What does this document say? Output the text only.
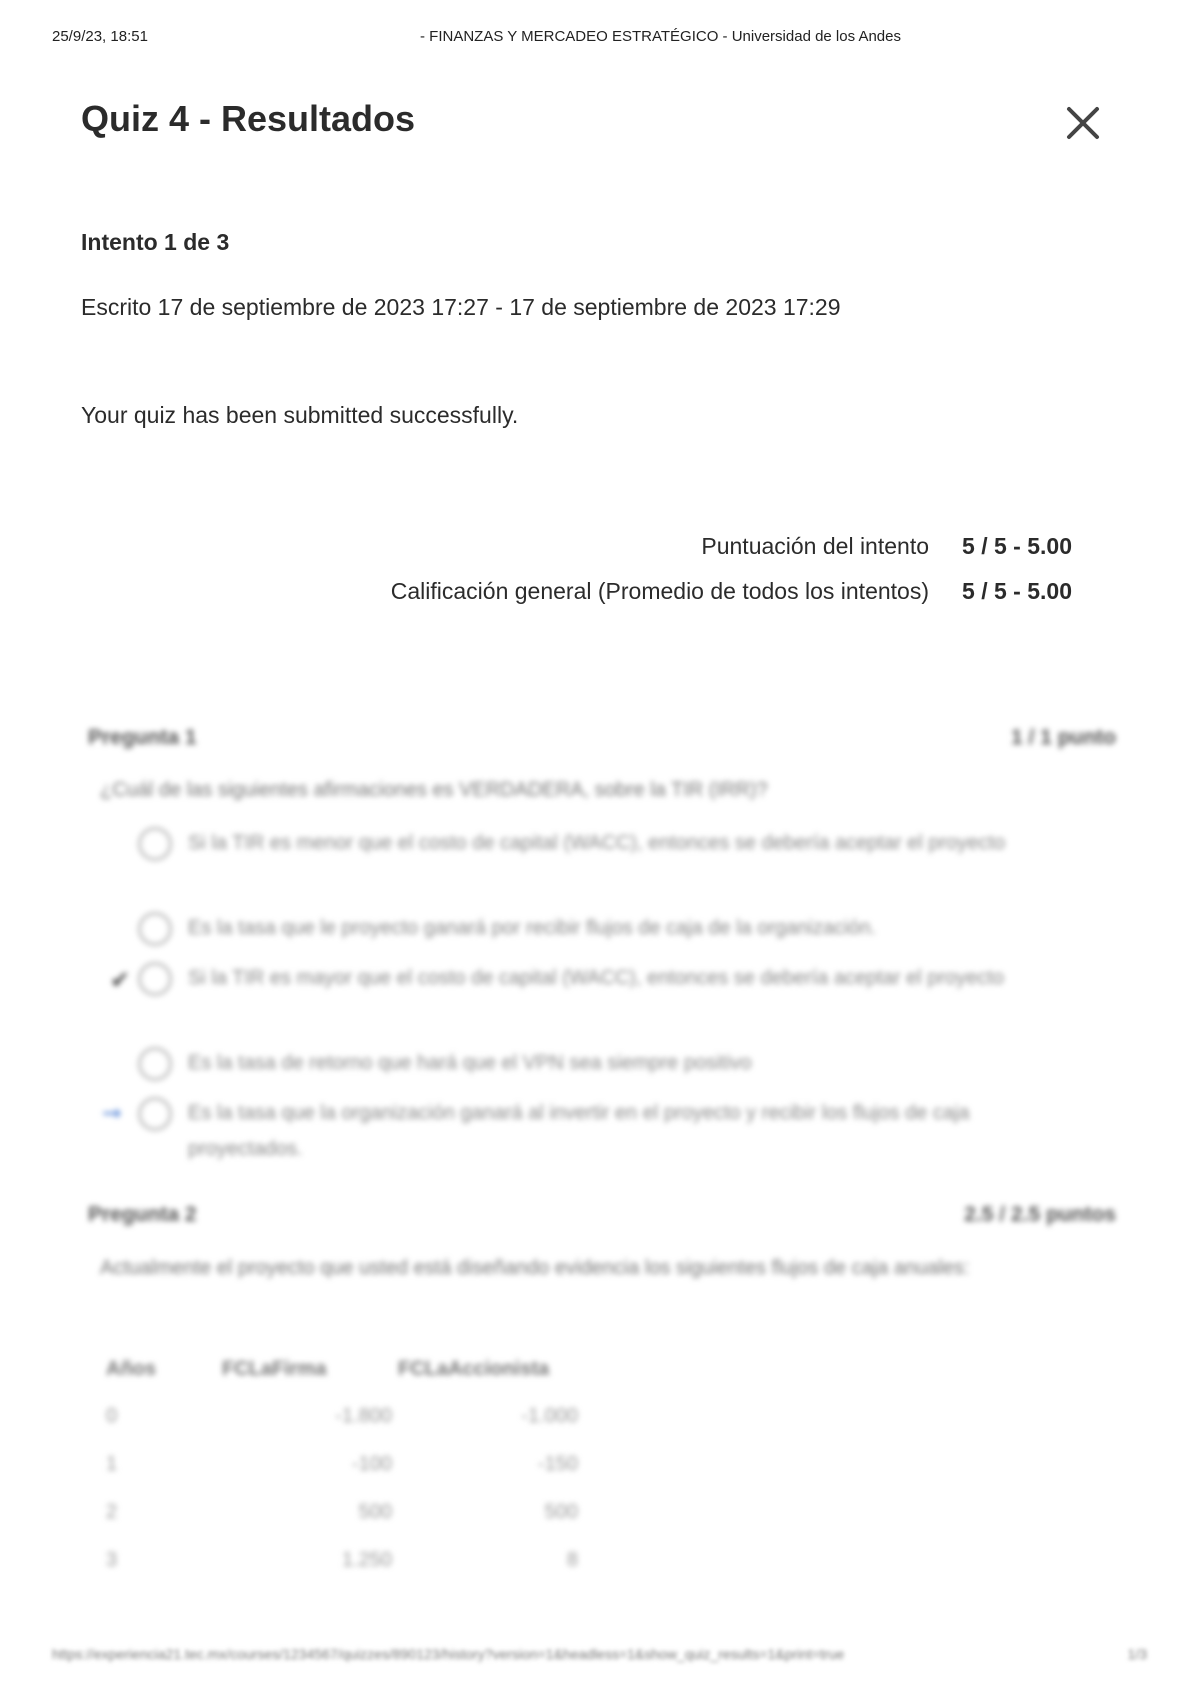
25/9/23, 18:51	- FINANZAS Y MERCADEO ESTRATÉGICO - Universidad de los Andes
Quiz 4 - Resultados

Intento 1 de 3

Escrito 17 de septiembre de 2023 17:27 - 17 de septiembre de 2023 17:29

Your quiz has been submitted successfully.

Puntuación del intento	5 / 5 - 5.00
Calificación general (Promedio de todos los intentos)	5 / 5 - 5.00
Pregunta 1	1 / 1 punto
¿Cuál de las siguientes afirmaciones es VERDADERA, sobre la TIR (IRR)?
Si la TIR es menor que el costo de capital (WACC), entonces se debería aceptar el proyecto
Es la tasa que le proyecto ganará por recibir flujos de caja de la organización.
✔	Si la TIR es mayor que el costo de capital (WACC), entonces se debería aceptar el proyecto
Es la tasa de retorno que hará que el VPN sea siempre positivo
➞	Es la tasa que la organización ganará al invertir en el proyecto y recibir los flujos de caja proyectados.
Pregunta 2	2.5 / 2.5 puntos
Actualmente el proyecto que usted está diseñando evidencia los siguientes flujos de caja anuales:
Años	FCLaFirma	FCLaAccionista
0	-1.800	-1.000
1	-100	-150
2	500	500
3	1.250	8
https://experiencia21.tec.mx/courses/1234567/quizzes/890123/history?version=1&headless=1&show_quiz_results=1&print=true	1/3
